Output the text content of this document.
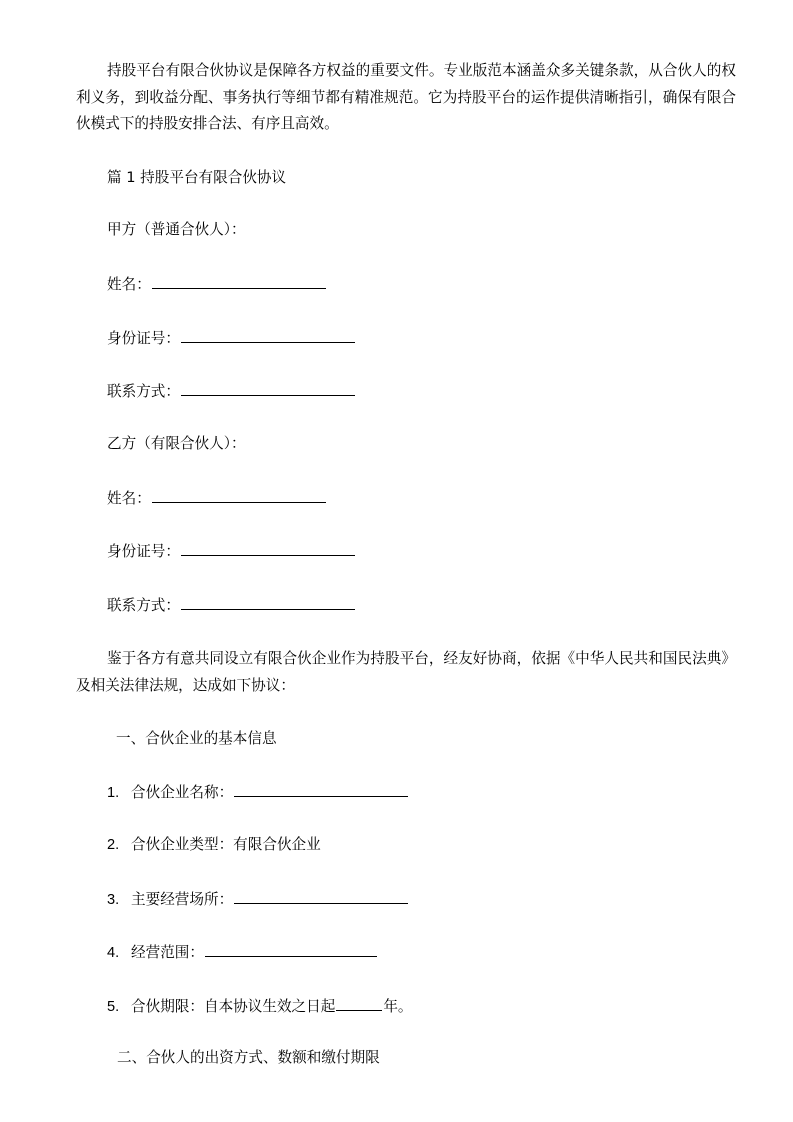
持股平台有限合伙协议是保障各方权益的重要文件。专业版范本涵盖众多关键条款，从合伙人的权利义务，到收益分配、事务执行等细节都有精准规范。它为持股平台的运作提供清晰指引，确保有限合伙模式下的持股安排合法、有序且高效。

篇 1 持股平台有限合伙协议

甲方（普通合伙人）：

姓名：

身份证号：

联系方式：

乙方（有限合伙人）：

姓名：

身份证号：

联系方式：

鉴于各方有意共同设立有限合伙企业作为持股平台，经友好协商，依据《中华人民共和国民法典》及相关法律法规，达成如下协议：

一、合伙企业的基本信息

1. 合伙企业名称：

2. 合伙企业类型：有限合伙企业

3. 主要经营场所：

4. 经营范围：

5. 合伙期限：自本协议生效之日起	年。

二、合伙人的出资方式、数额和缴付期限
